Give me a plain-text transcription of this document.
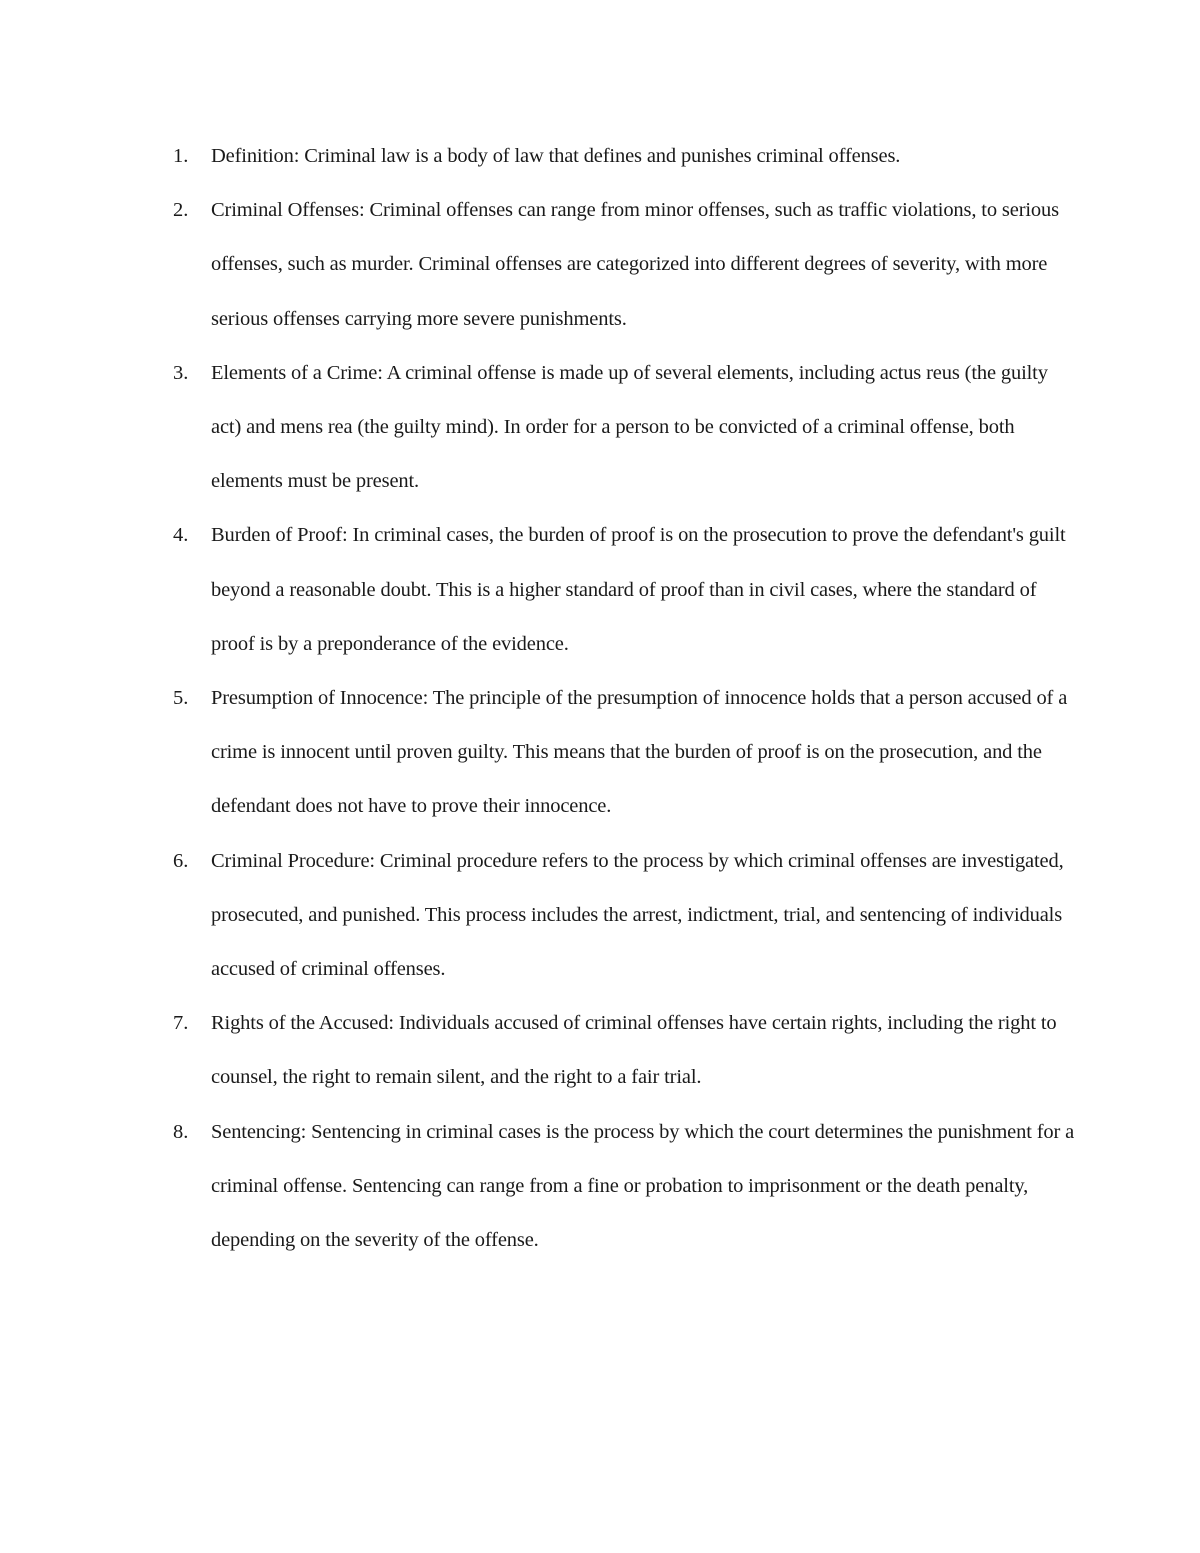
1.	Definition: Criminal law is a body of law that defines and punishes criminal offenses.
2.	Criminal Offenses: Criminal offenses can range from minor offenses, such as traffic violations, to serious offenses, such as murder. Criminal offenses are categorized into different degrees of severity, with more serious offenses carrying more severe punishments.
3.	Elements of a Crime: A criminal offense is made up of several elements, including actus reus (the guilty act) and mens rea (the guilty mind). In order for a person to be convicted of a criminal offense, both elements must be present.
4.	Burden of Proof: In criminal cases, the burden of proof is on the prosecution to prove the defendant's guilt beyond a reasonable doubt. This is a higher standard of proof than in civil cases, where the standard of proof is by a preponderance of the evidence.
5.	Presumption of Innocence: The principle of the presumption of innocence holds that a person accused of a crime is innocent until proven guilty. This means that the burden of proof is on the prosecution, and the defendant does not have to prove their innocence.
6.	Criminal Procedure: Criminal procedure refers to the process by which criminal offenses are investigated, prosecuted, and punished. This process includes the arrest, indictment, trial, and sentencing of individuals accused of criminal offenses.
7.	Rights of the Accused: Individuals accused of criminal offenses have certain rights, including the right to counsel, the right to remain silent, and the right to a fair trial.
8.	Sentencing: Sentencing in criminal cases is the process by which the court determines the punishment for a criminal offense. Sentencing can range from a fine or probation to imprisonment or the death penalty, depending on the severity of the offense.
